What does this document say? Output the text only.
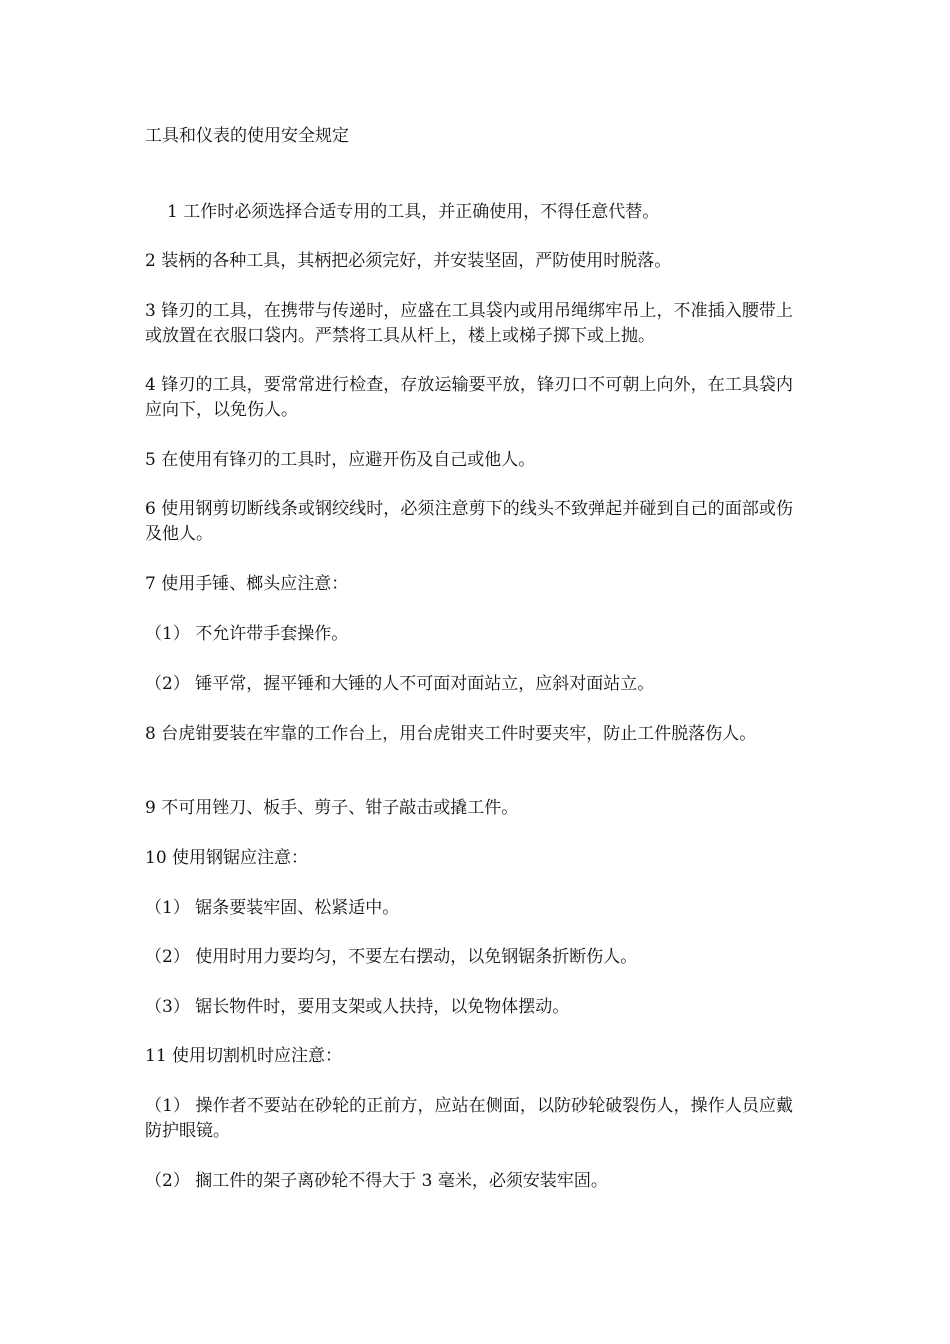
工具和仪表的使用安全规定
1 工作时必须选择合适专用的工具，并正确使用，不得任意代替。
2 装柄的各种工具，其柄把必须完好，并安装坚固，严防使用时脱落。
3 锋刃的工具，在携带与传递时，应盛在工具袋内或用吊绳绑牢吊上，不准插入腰带上或放置在衣服口袋内。严禁将工具从杆上，楼上或梯子掷下或上抛。
4 锋刃的工具，要常常进行检查，存放运输要平放，锋刃口不可朝上向外，在工具袋内应向下，以免伤人。
5 在使用有锋刃的工具时，应避开伤及自己或他人。
6 使用钢剪切断线条或钢绞线时，必须注意剪下的线头不致弹起并碰到自己的面部或伤及他人。
7 使用手锤、榔头应注意：
（1） 不允许带手套操作。
（2） 锤平常，握平锤和大锤的人不可面对面站立，应斜对面站立。
8 台虎钳要装在牢靠的工作台上，用台虎钳夹工件时要夹牢，防止工件脱落伤人。
9 不可用锉刀、板手、剪子、钳子敲击或撬工件。
10 使用钢锯应注意：
（1） 锯条要装牢固、松紧适中。
（2） 使用时用力要均匀，不要左右摆动，以免钢锯条折断伤人。
（3） 锯长物件时，要用支架或人扶持，以免物体摆动。
11 使用切割机时应注意：
（1） 操作者不要站在砂轮的正前方，应站在侧面，以防砂轮破裂伤人，操作人员应戴防护眼镜。
（2） 搁工件的架子离砂轮不得大于 3 毫米，必须安装牢固。
